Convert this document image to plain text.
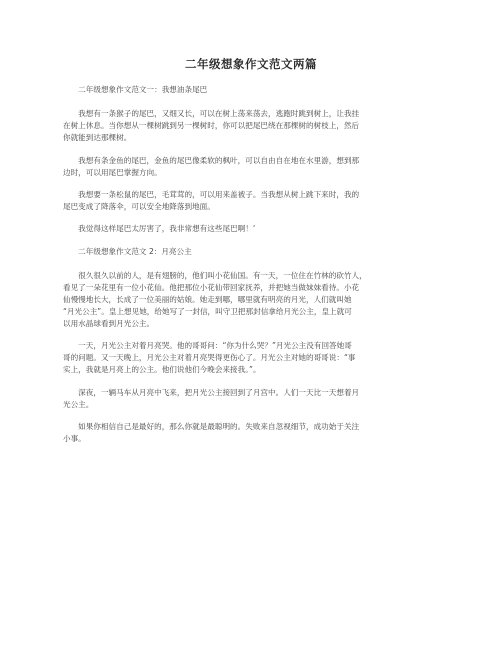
二年级想象作文范文两篇
　　二年级想象作文范文一：我想油条尾巴
　　我想有一条猴子的尾巴，又细又长，可以在树上荡来荡去，逃跑时跳到树上，让我挂
在树上休息。当你想从一棵树跳到另一棵树时，你可以把尾巴绕在那棵树的树枝上，然后
你就能到达那棵树。
　　我想有条金鱼的尾巴，金鱼的尾巴像柔软的枫叶，可以自由自在地在水里游，想到那
边时，可以用尾巴掌握方向。
　　我想要一条松鼠的尾巴，毛茸茸的，可以用来盖被子。当我想从树上跳下来时，我的
尾巴变成了降落伞，可以安全地降落到地面。
　　我觉得这样尾巴太厉害了，我非常想有这些尾巴啊！‘
　　二年级想象作文范文 2：月亮公主
　　很久很久以前的人，是有翅膀的，他们叫小花仙国。有一天，一位住在竹林的砍竹人，
看见了一朵花里有一位小花仙。他把那位小花仙带回家抚养，并把她当做妹妹看待。小花
仙慢慢地长大，长成了一位美丽的姑娘。她走到哪，哪里就有明亮的月光，人们就叫她
“月光公主”。皇上想见她，给她写了一封信，叫守卫把那封信拿给月光公主，皇上就可
以用水晶球看到月光公主。
　　一天，月光公主对着月亮哭。他的哥哥问：“你为什么哭？”月光公主没有回答她哥
哥的问题。又一天晚上，月光公主对着月亮哭得更伤心了。月光公主对她的哥哥说：“事
实上，我就是月亮上的公主。他们说他们今晚会来接我。”。
　　深夜，一辆马车从月亮中飞来，把月光公主接回到了月宫中。人们一天比一天想着月
光公主。
　　如果你相信自己是最好的，那么你就是最聪明的。失败来自忽视细节，成功始于关注
小事。
